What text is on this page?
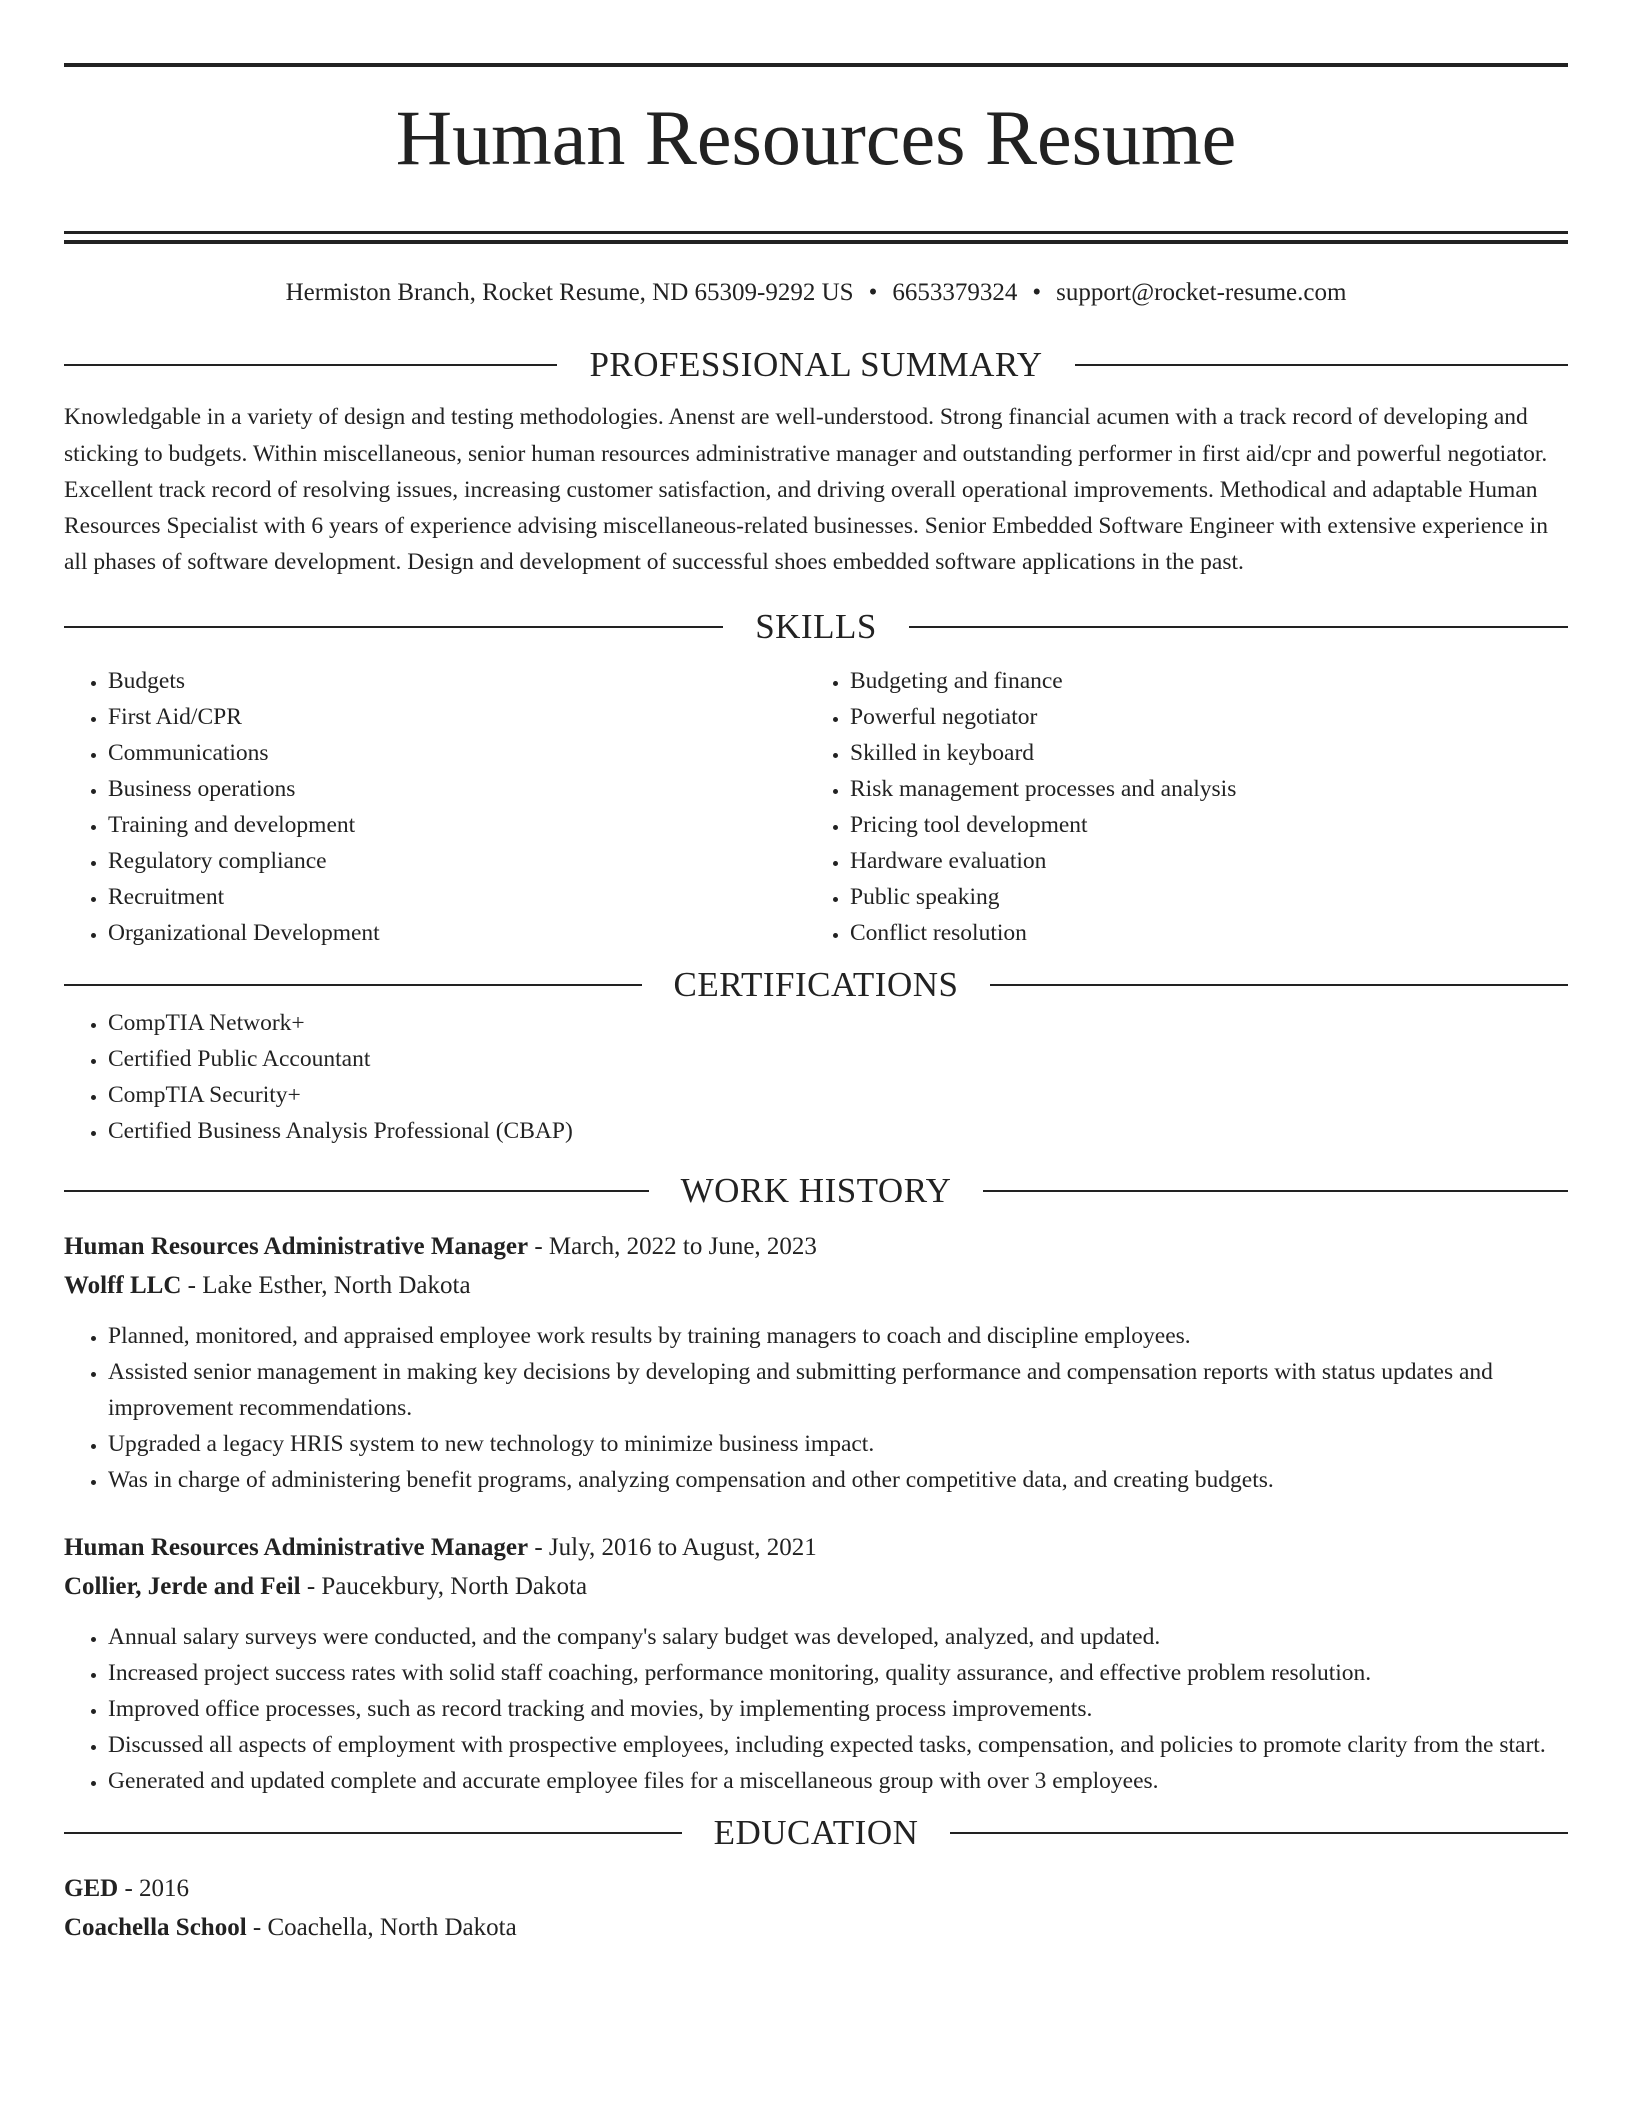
Human Resources Resume
Hermiston Branch, Rocket Resume, ND 65309-9292 US • 6653379324 • support@rocket-resume.com
PROFESSIONAL SUMMARY

Knowledgable in a variety of design and testing methodologies. Anenst are well-understood. Strong financial acumen with a track record of developing and sticking to budgets. Within miscellaneous, senior human resources administrative manager and outstanding performer in first aid/cpr and powerful negotiator. Excellent track record of resolving issues, increasing customer satisfaction, and driving overall operational improvements. Methodical and adaptable Human Resources Specialist with 6 years of experience advising miscellaneous-related businesses. Senior Embedded Software Engineer with extensive experience in all phases of software development. Design and development of successful shoes embedded software applications in the past.

SKILLS
• Budgets
• First Aid/CPR
• Communications
• Business operations
• Training and development
• Regulatory compliance
• Recruitment
• Organizational Development
• Budgeting and finance
• Powerful negotiator
• Skilled in keyboard
• Risk management processes and analysis
• Pricing tool development
• Hardware evaluation
• Public speaking
• Conflict resolution
CERTIFICATIONS
• CompTIA Network+
• Certified Public Accountant
• CompTIA Security+
• Certified Business Analysis Professional (CBAP)
WORK HISTORY
Human Resources Administrative Manager - March, 2022 to June, 2023
Wolff LLC - Lake Esther, North Dakota
• Planned, monitored, and appraised employee work results by training managers to coach and discipline employees.
• Assisted senior management in making key decisions by developing and submitting performance and compensation reports with status updates and improvement recommendations.
• Upgraded a legacy HRIS system to new technology to minimize business impact.
• Was in charge of administering benefit programs, analyzing compensation and other competitive data, and creating budgets.
Human Resources Administrative Manager - July, 2016 to August, 2021
Collier, Jerde and Feil - Paucekbury, North Dakota
• Annual salary surveys were conducted, and the company's salary budget was developed, analyzed, and updated.
• Increased project success rates with solid staff coaching, performance monitoring, quality assurance, and effective problem resolution.
• Improved office processes, such as record tracking and movies, by implementing process improvements.
• Discussed all aspects of employment with prospective employees, including expected tasks, compensation, and policies to promote clarity from the start.
• Generated and updated complete and accurate employee files for a miscellaneous group with over 3 employees.
EDUCATION
GED - 2016
Coachella School - Coachella, North Dakota
